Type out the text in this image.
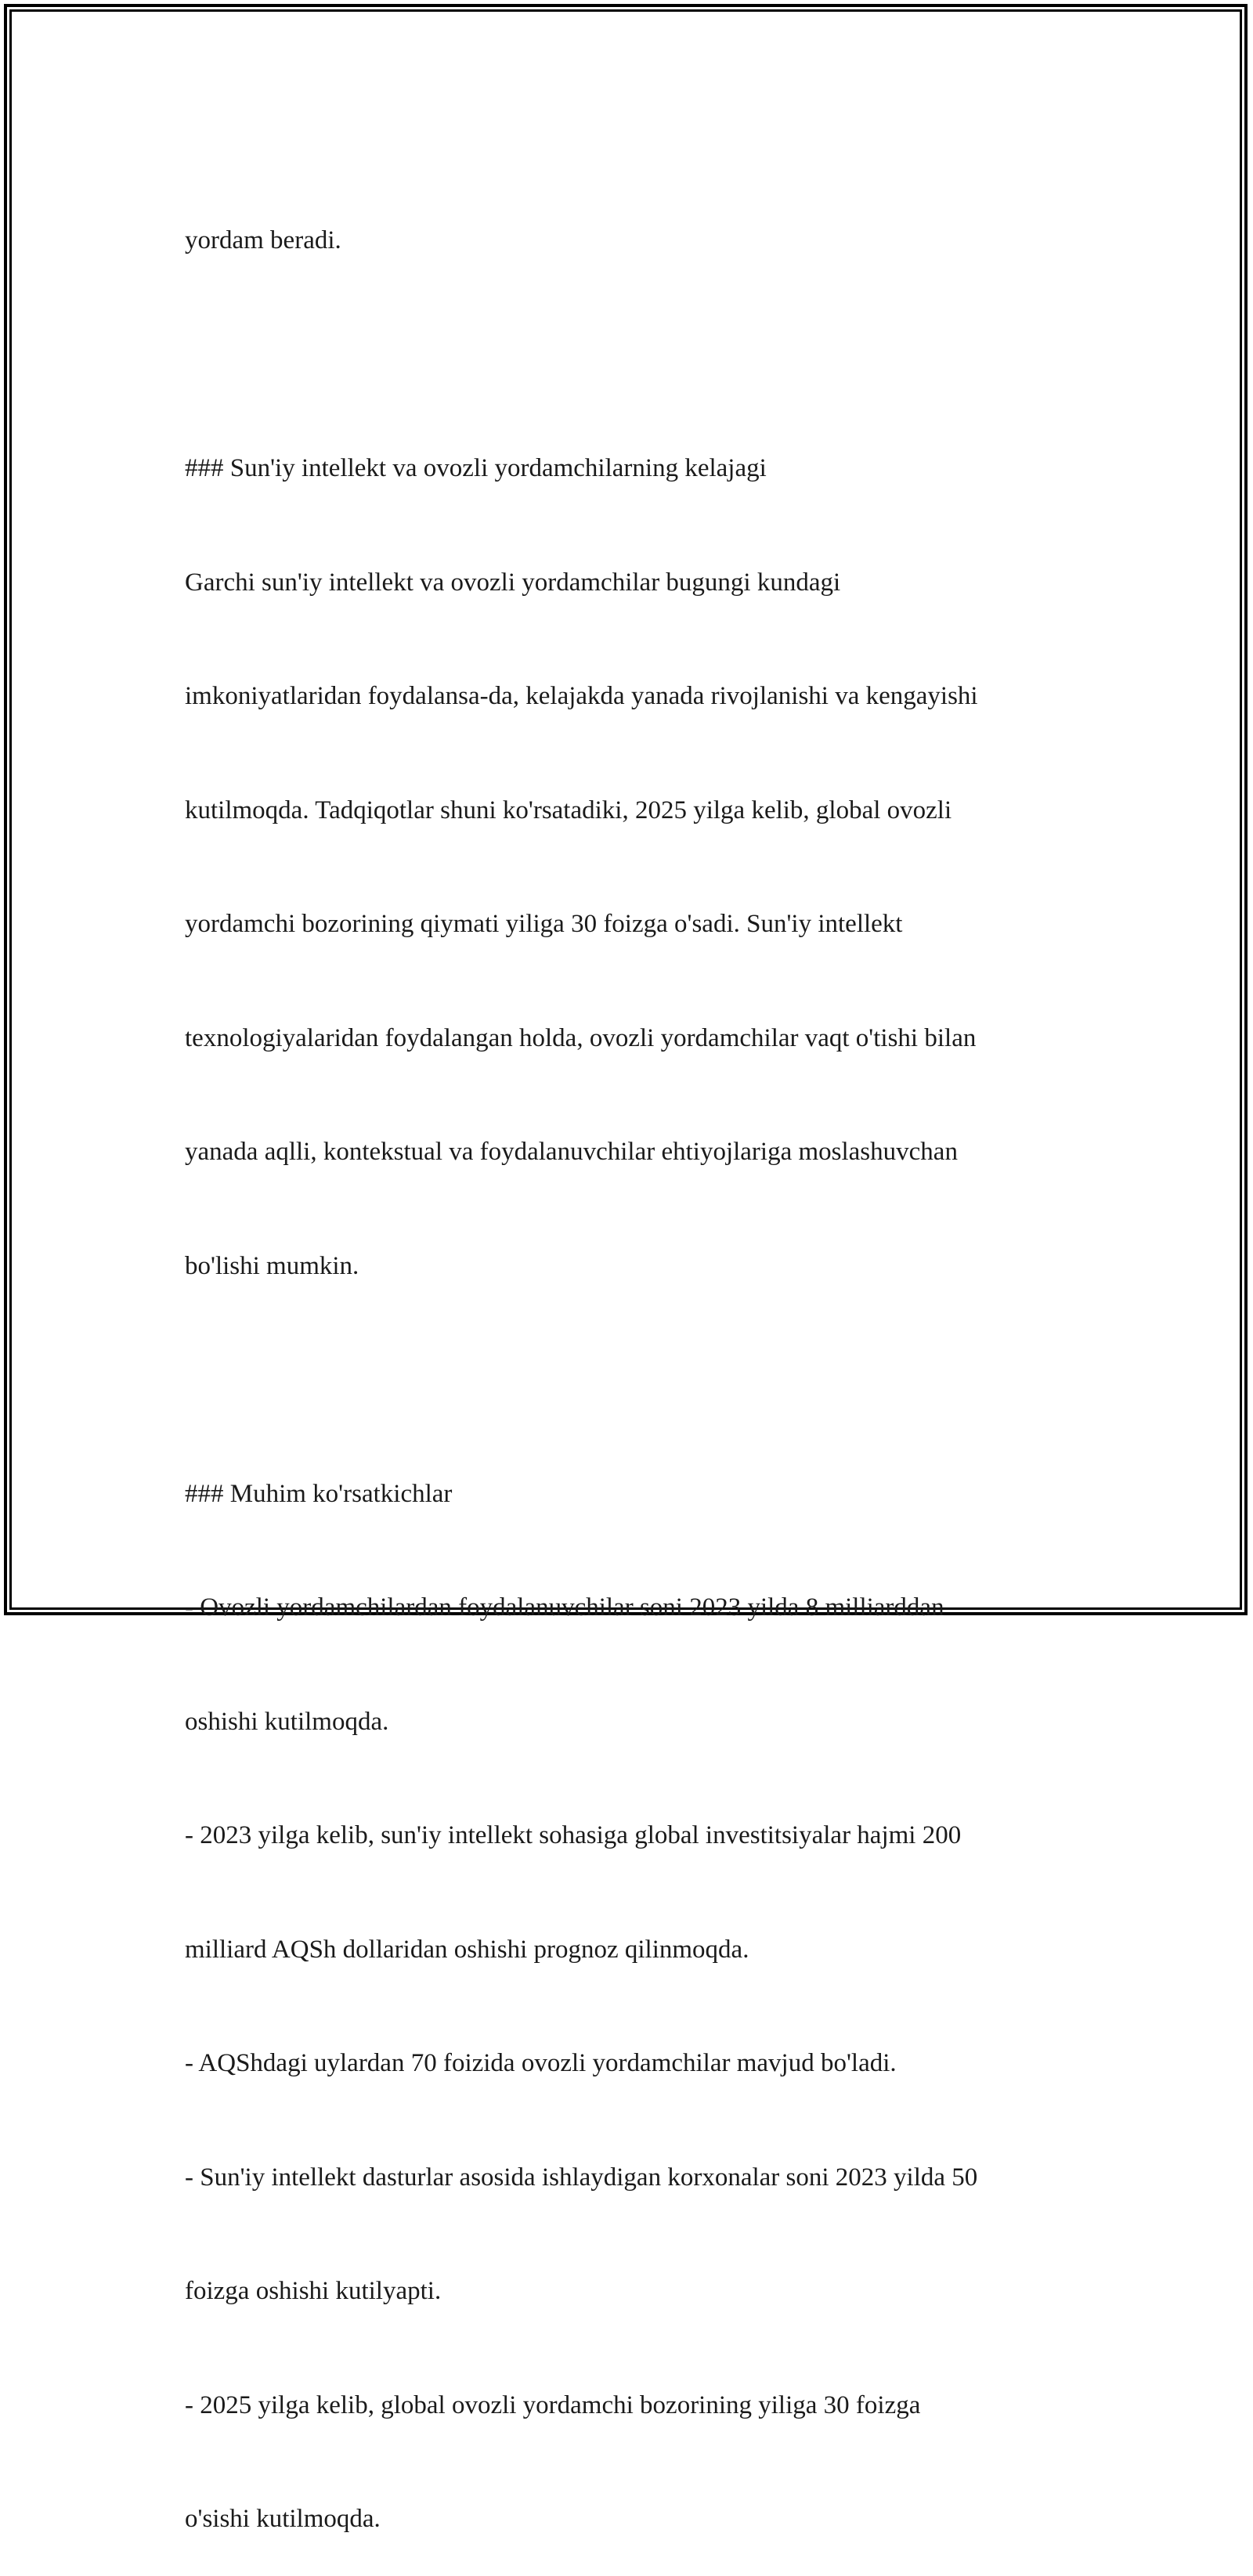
yordam beradi.

### Sun'iy intellekt va ovozli yordamchilarning kelajagi

Garchi sun'iy intellekt va ovozli yordamchilar bugungi kundagi

imkoniyatlaridan foydalansa-da, kelajakda yanada rivojlanishi va kengayishi

kutilmoqda. Tadqiqotlar shuni ko'rsatadiki, 2025 yilga kelib, global ovozli

yordamchi bozorining qiymati yiliga 30 foizga o'sadi. Sun'iy intellekt

texnologiyalaridan foydalangan holda, ovozli yordamchilar vaqt o'tishi bilan

yanada aqlli, kontekstual va foydalanuvchilar ehtiyojlariga moslashuvchan

bo'lishi mumkin.

### Muhim ko'rsatkichlar

- Ovozli yordamchilardan foydalanuvchilar soni 2023 yilda 8 milliarddan

oshishi kutilmoqda.

- 2023 yilga kelib, sun'iy intellekt sohasiga global investitsiyalar hajmi 200

milliard AQSh dollaridan oshishi prognoz qilinmoqda.

- AQShdagi uylardan 70 foizida ovozli yordamchilar mavjud bo'ladi.

- Sun'iy intellekt dasturlar asosida ishlaydigan korxonalar soni 2023 yilda 50

foizga oshishi kutilyapti.

- 2025 yilga kelib, global ovozli yordamchi bozorining yiliga 30 foizga

o'sishi kutilmoqda.
